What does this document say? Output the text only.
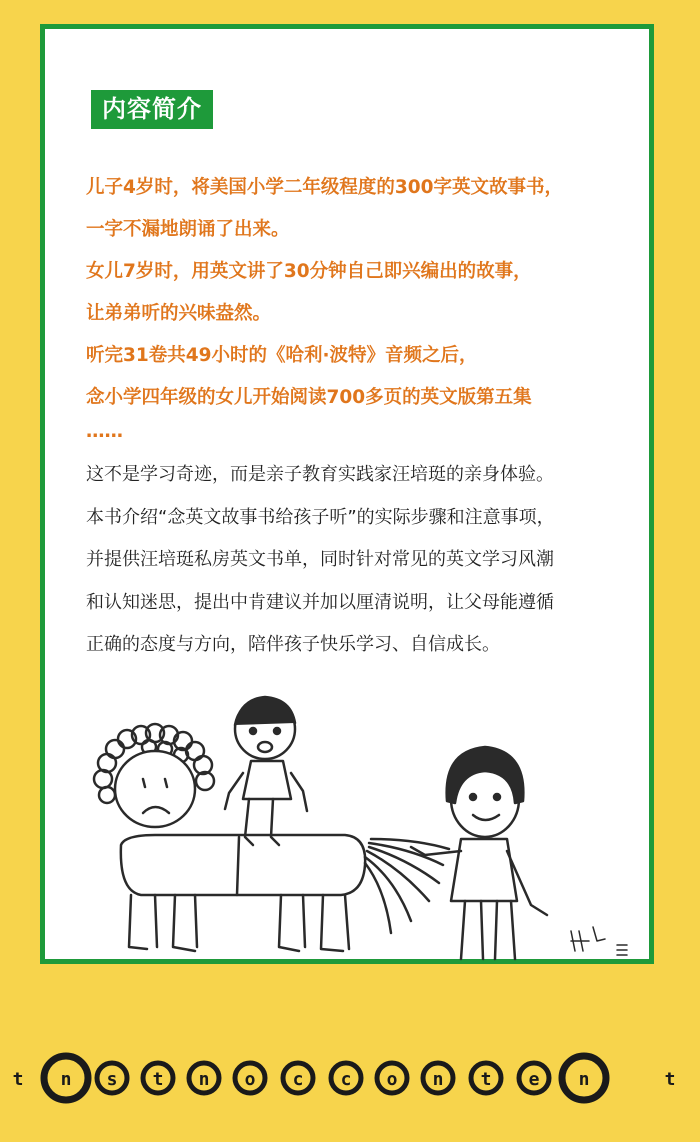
内容简介
儿子4岁时，将美国小学二年级程度的300字英文故事书，
一字不漏地朗诵了出来。
女儿7岁时，用英文讲了30分钟自己即兴编出的故事，
让弟弟听的兴味盎然。
听完31卷共49小时的《哈利·波特》音频之后，
念小学四年级的女儿开始阅读700多页的英文版第五集
……
这不是学习奇迹，而是亲子教育实践家汪培珽的亲身体验。
本书介绍“念英文故事书给孩子听”的实际步骤和注意事项，
并提供汪培珽私房英文书单，同时针对常见的英文学习风潮
和认知迷思，提出中肯建议并加以厘清说明，让父母能遵循
正确的态度与方向，陪伴孩子快乐学习、自信成长。
t n s t n o c c o n t e n	t
